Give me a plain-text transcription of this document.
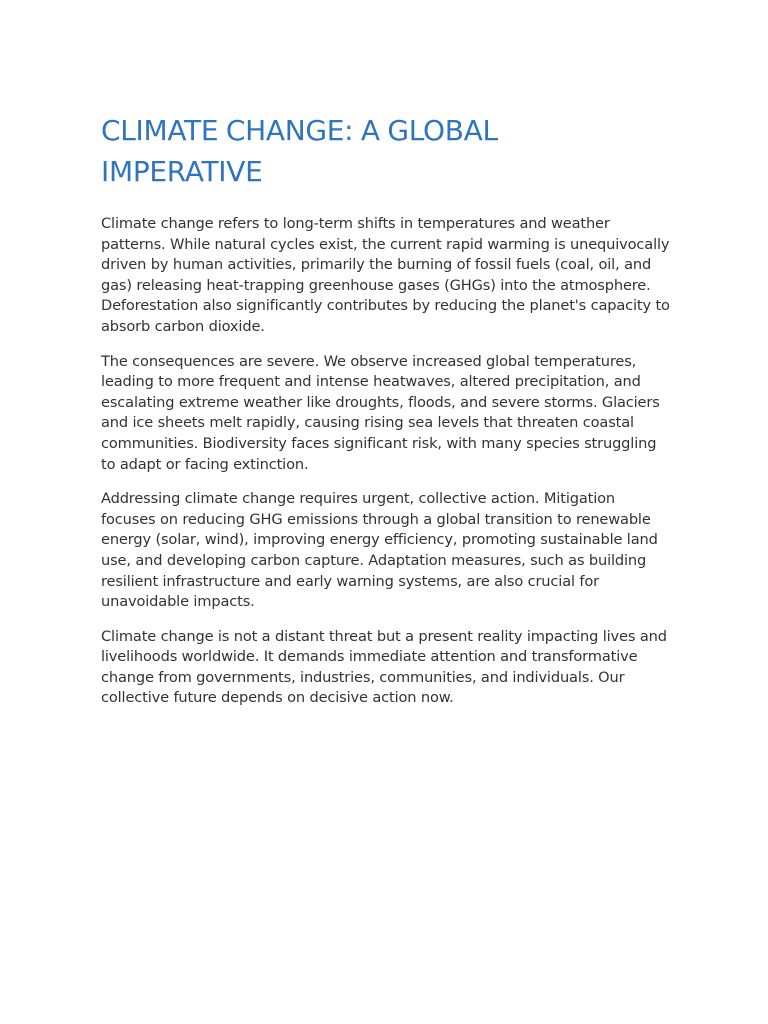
CLIMATE CHANGE: A GLOBAL IMPERATIVE

Climate change refers to long-term shifts in temperatures and weather patterns. While natural cycles exist, the current rapid warming is unequivocally driven by human activities, primarily the burning of fossil fuels (coal, oil, and gas) releasing heat-trapping greenhouse gases (GHGs) into the atmosphere. Deforestation also significantly contributes by reducing the planet's capacity to absorb carbon dioxide.

The consequences are severe. We observe increased global temperatures, leading to more frequent and intense heatwaves, altered precipitation, and escalating extreme weather like droughts, floods, and severe storms. Glaciers and ice sheets melt rapidly, causing rising sea levels that threaten coastal communities. Biodiversity faces significant risk, with many species struggling to adapt or facing extinction.

Addressing climate change requires urgent, collective action. Mitigation focuses on reducing GHG emissions through a global transition to renewable energy (solar, wind), improving energy efficiency, promoting sustainable land use, and developing carbon capture. Adaptation measures, such as building resilient infrastructure and early warning systems, are also crucial for unavoidable impacts.

Climate change is not a distant threat but a present reality impacting lives and livelihoods worldwide. It demands immediate attention and transformative change from governments, industries, communities, and individuals. Our collective future depends on decisive action now.
